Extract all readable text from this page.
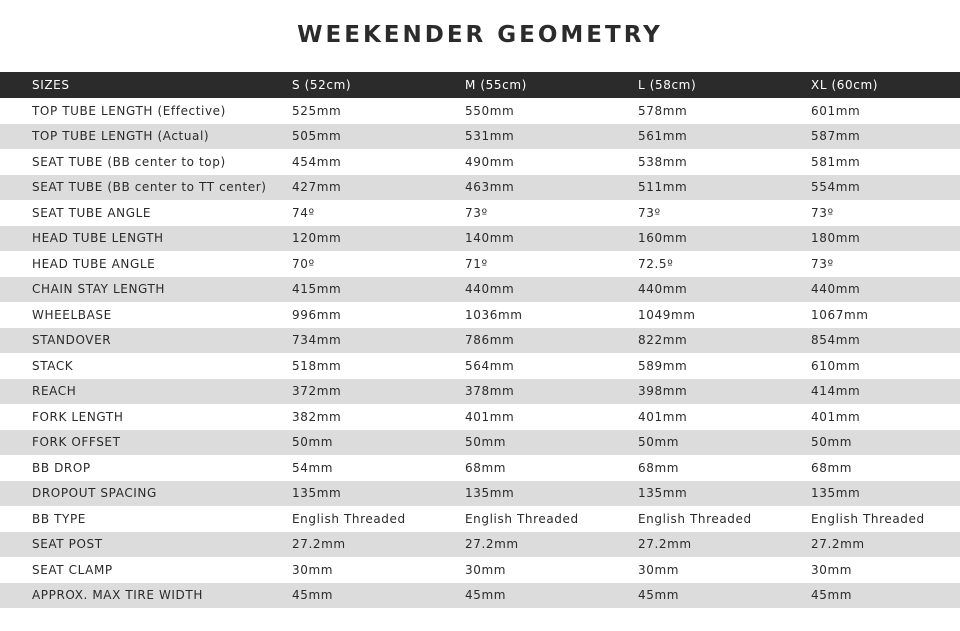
WEEKENDER GEOMETRY
SIZES	S (52cm)	M (55cm)	L (58cm)	XL (60cm)
TOP TUBE LENGTH (Effective)	525mm	550mm	578mm	601mm
TOP TUBE LENGTH (Actual)	505mm	531mm	561mm	587mm
SEAT TUBE (BB center to top)	454mm	490mm	538mm	581mm
SEAT TUBE (BB center to TT center)	427mm	463mm	511mm	554mm
SEAT TUBE ANGLE	74º	73º	73º	73º
HEAD TUBE LENGTH	120mm	140mm	160mm	180mm
HEAD TUBE ANGLE	70º	71º	72.5º	73º
CHAIN STAY LENGTH	415mm	440mm	440mm	440mm
WHEELBASE	996mm	1036mm	1049mm	1067mm
STANDOVER	734mm	786mm	822mm	854mm
STACK	518mm	564mm	589mm	610mm
REACH	372mm	378mm	398mm	414mm
FORK LENGTH	382mm	401mm	401mm	401mm
FORK OFFSET	50mm	50mm	50mm	50mm
BB DROP	54mm	68mm	68mm	68mm
DROPOUT SPACING	135mm	135mm	135mm	135mm
BB TYPE	English Threaded	English Threaded	English Threaded	English Threaded
SEAT POST	27.2mm	27.2mm	27.2mm	27.2mm
SEAT CLAMP	30mm	30mm	30mm	30mm
APPROX. MAX TIRE WIDTH	45mm	45mm	45mm	45mm
